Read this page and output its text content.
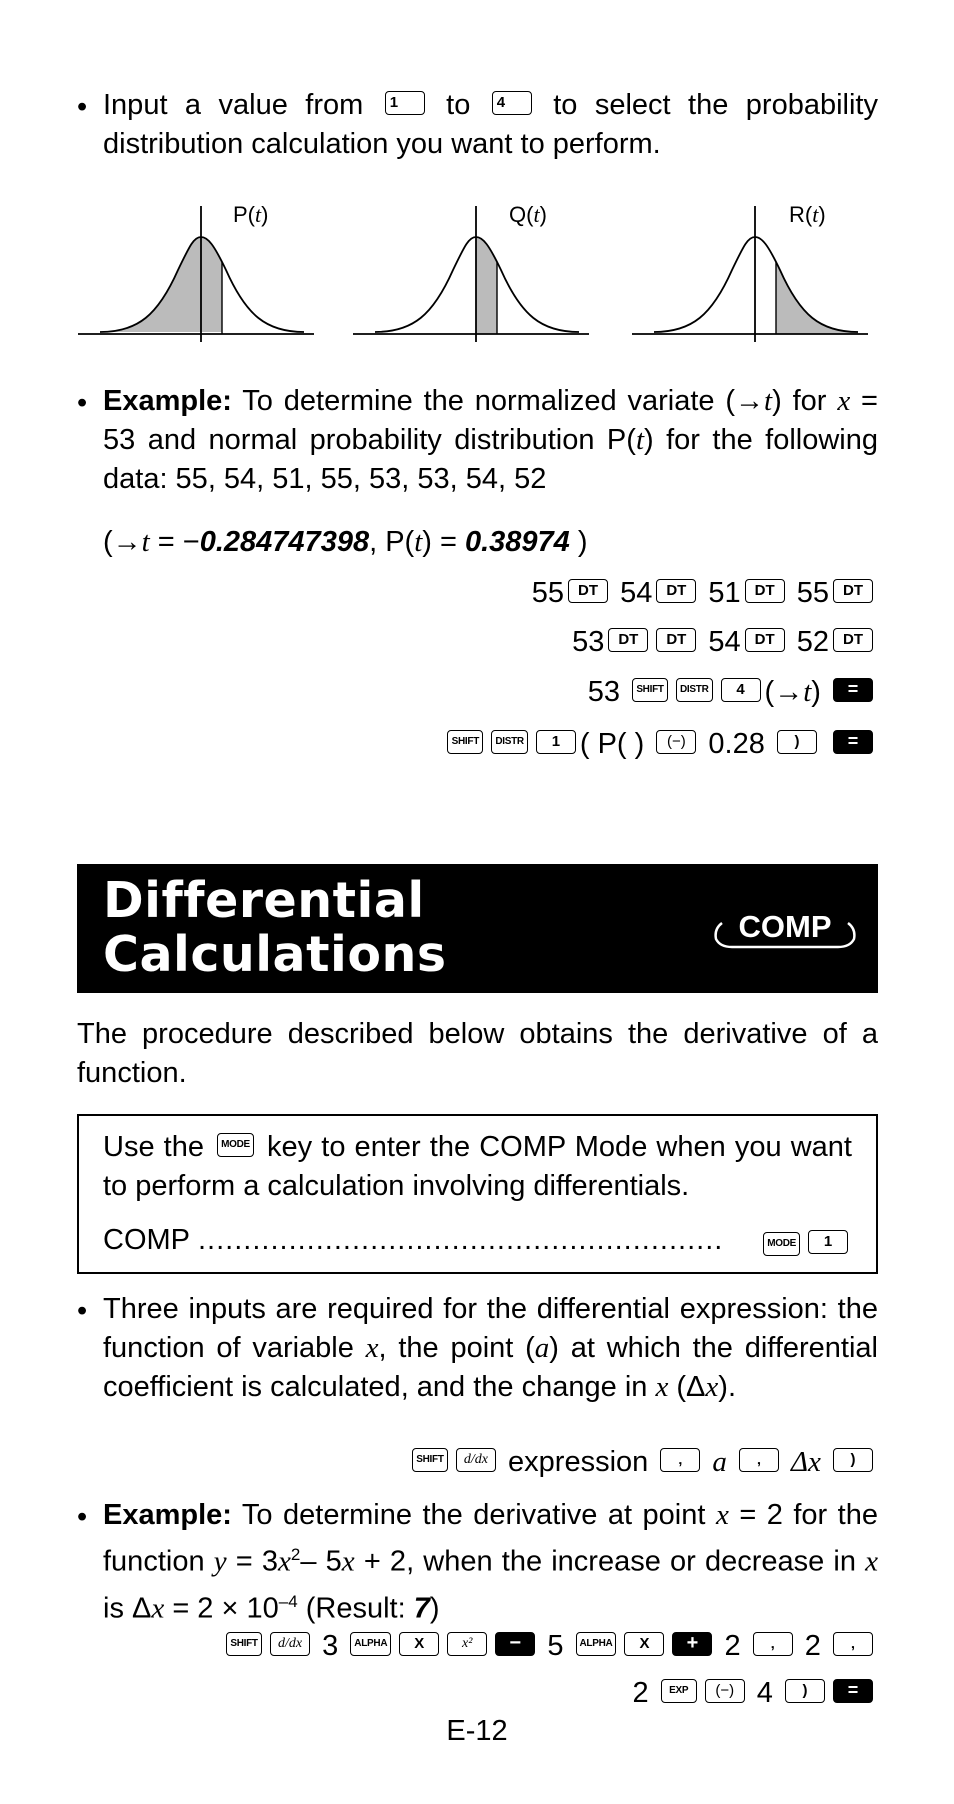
• Input a value from 1 to 4 to select the probability distribution calculation you want to perform.
P(t)	Q(t)	R(t)
• Example: To determine the normalized variate (→t) for x = 53 and normal probability distribution P(t) for the following data: 55, 54, 51, 55, 53, 53, 54, 52
(→t = −0.284747398, P(t) = 0.38974 )
55 DT 54 DT 51 DT 55 DT
53 DT DT 54 DT 52 DT
53 SHIFT DISTR 4 (→t) =
SHIFT DISTR 1 ( P( ) (−) 0.28 )	=
Differential
Calculations	COMP
The procedure described below obtains the derivative of a function.
Use the MODE key to enter the COMP Mode when you want to perform a calculation involving differentials.
COMP ..........................................................	MODE	1
• Three inputs are required for the differential expression: the function of variable x, the point (a) at which the differential coefficient is calculated, and the change in x (Δx).
SHIFT d/dx expression ‚ a ‚ Δx )
• Example: To determine the derivative at point x = 2 for the function $y = 3x^2-$ 5x + 2, when the increase or decrease in x is $\Delta x = 2 \times 10^{-4}$ (Result: 7)
SHIFT d/dx 3 ALPHA X	x² − 5 ALPHA X + 2 ‚ 2 ‚
2 EXP (−) 4 ) =
E-12
